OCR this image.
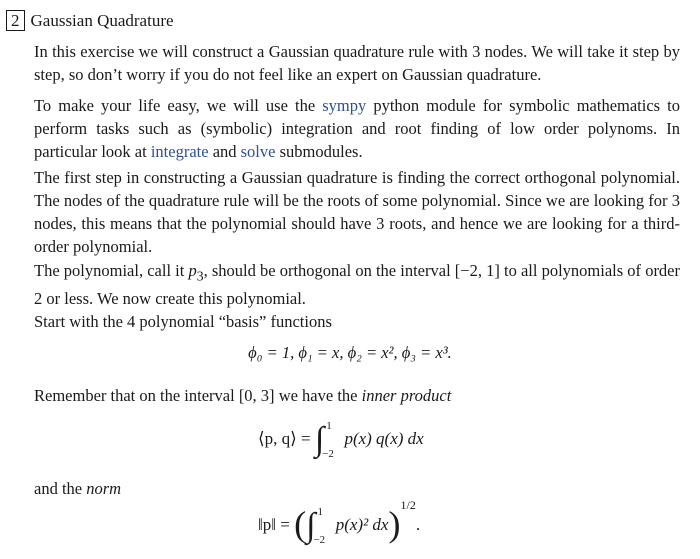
2 Gaussian Quadrature

In this exercise we will construct a Gaussian quadrature rule with 3 nodes. We will take it step by step, so don’t worry if you do not feel like an expert on Gaussian quadrature.

To make your life easy, we will use the sympy python module for symbolic mathematics to perform tasks such as (symbolic) integration and root finding of low order polynoms. In particular look at integrate and solve submodules.

The first step in constructing a Gaussian quadrature is finding the correct orthogonal polynomial. The nodes of the quadrature rule will be the roots of some polynomial. Since we are looking for 3 nodes, this means that the polynomial should have 3 roots, and hence we are looking for a third-order polynomial.

The polynomial, call it $p_3$, should be orthogonal on the interval [−2, 1] to all polynomials of order 2 or less. We now create this polynomial.

Start with the 4 polynomial “basis” functions

ϕ₀ = 1, ϕ₁ = x, ϕ₂ = x², ϕ₃ = x³.

Remember that on the interval [0, 3] we have the inner product

⟨p, q⟩ = ∫ 1
−2
p(x) q(x) dx

and the norm

‖p‖ = (∫ 1
−2
p(x)² dx)$^{1/2}$.
